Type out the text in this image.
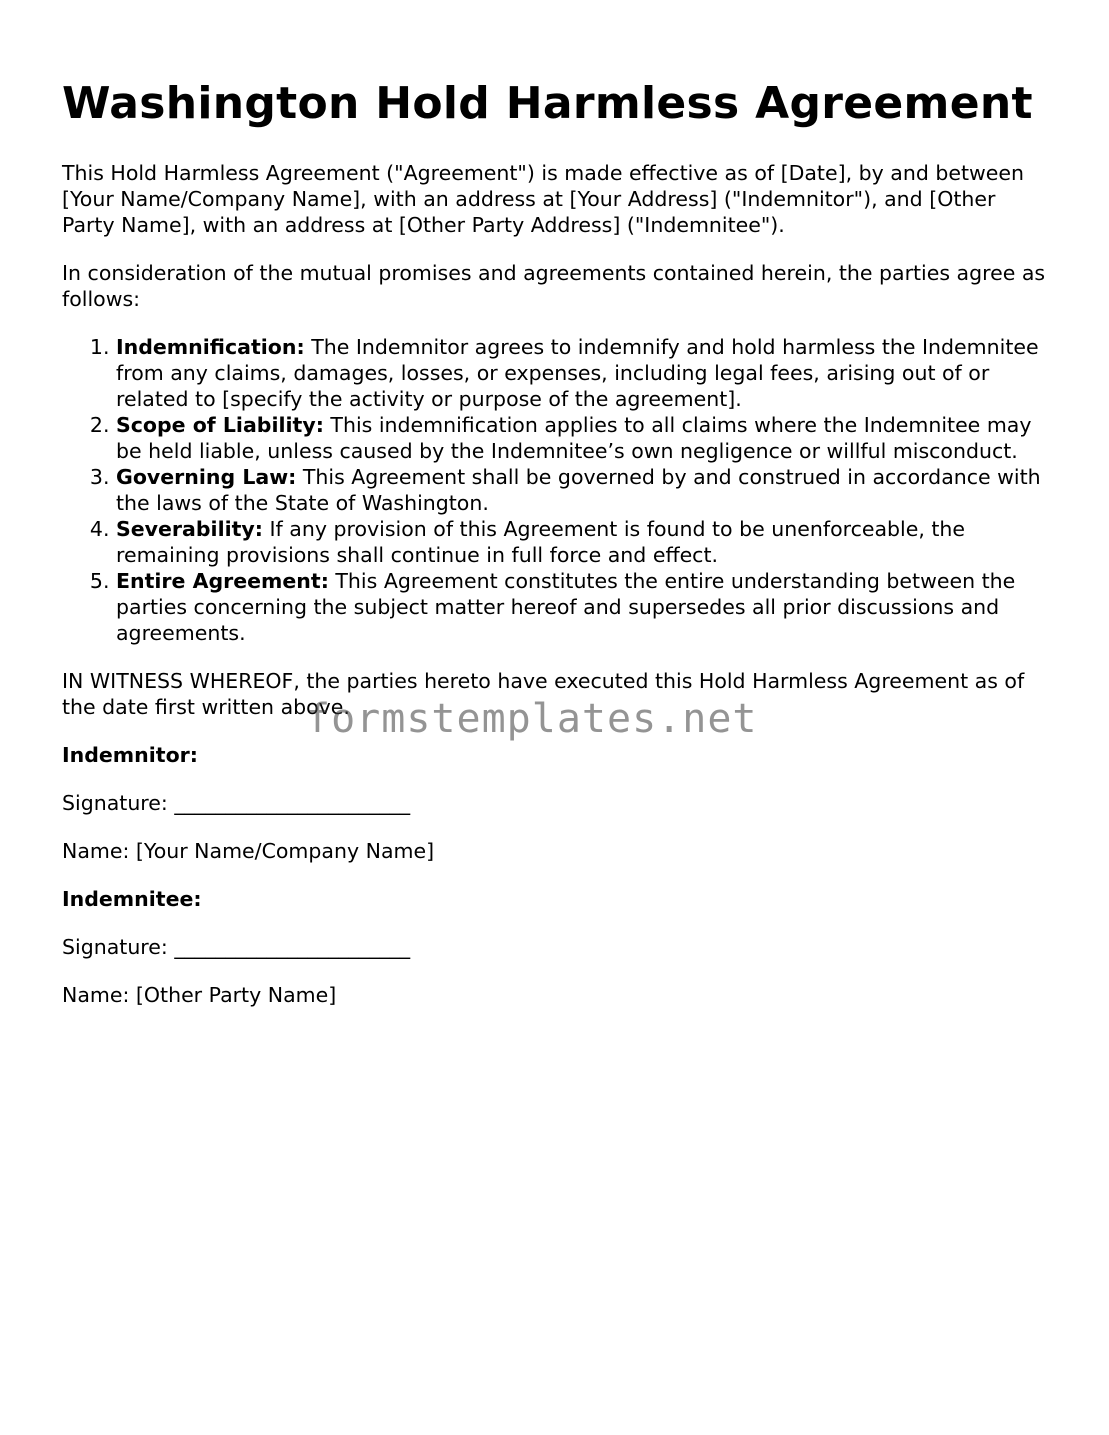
Washington Hold Harmless Agreement

This Hold Harmless Agreement ("Agreement") is made effective as of [Date], by and between [Your Name/Company Name], with an address at [Your Address] ("Indemnitor"), and [Other Party Name], with an address at [Other Party Address] ("Indemnitee").

In consideration of the mutual promises and agreements contained herein, the parties agree as follows:

1. Indemnification: The Indemnitor agrees to indemnify and hold harmless the Indemnitee from any claims, damages, losses, or expenses, including legal fees, arising out of or related to [specify the activity or purpose of the agreement].
2. Scope of Liability: This indemnification applies to all claims where the Indemnitee may be held liable, unless caused by the Indemnitee’s own negligence or willful misconduct.
3. Governing Law: This Agreement shall be governed by and construed in accordance with the laws of the State of Washington.
4. Severability: If any provision of this Agreement is found to be unenforceable, the remaining provisions shall continue in full force and effect.
5. Entire Agreement: This Agreement constitutes the entire understanding between the parties concerning the subject matter hereof and supersedes all prior discussions and agreements.

IN WITNESS WHEREOF, the parties hereto have executed this Hold Harmless Agreement as of the date first written above.

Indemnitor:

Signature: _______________________

Name: [Your Name/Company Name]

Indemnitee:

Signature: _______________________

Name: [Other Party Name]

formstemplates.net
